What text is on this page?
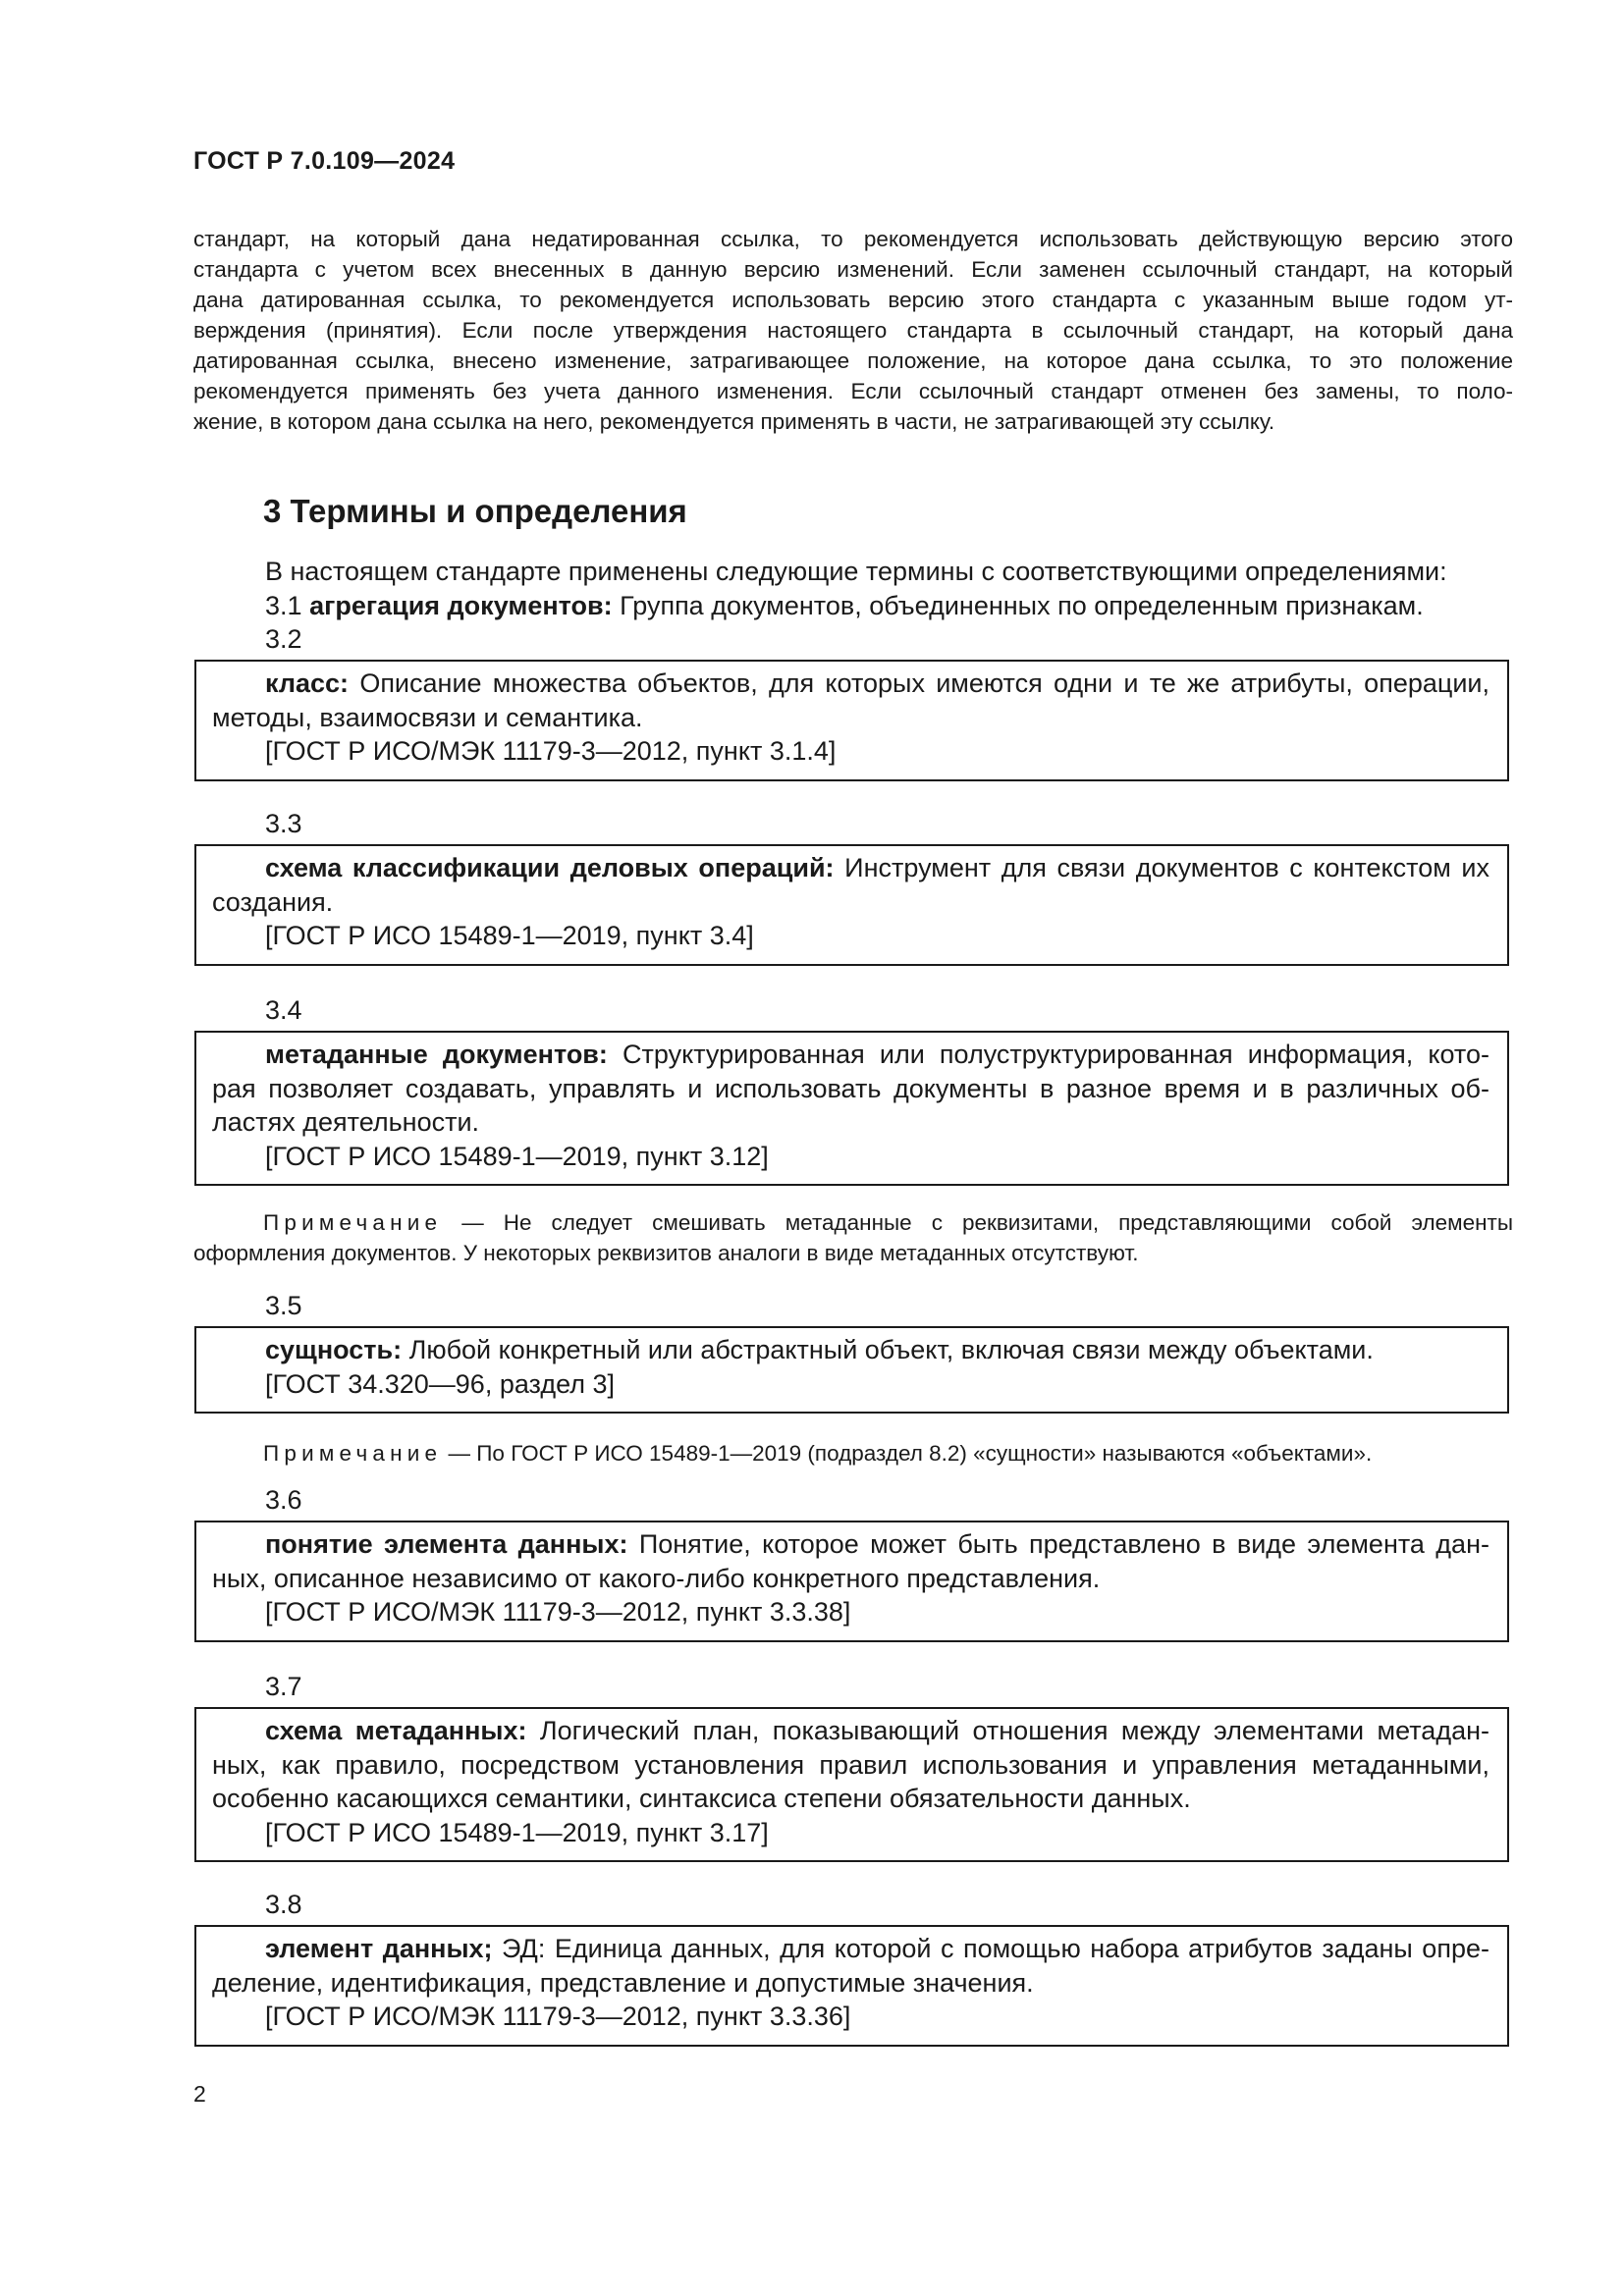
ГОСТ Р 7.0.109—2024
стандарт, на который дана недатированная ссылка, то рекомендуется использовать действующую версию этого
стандарта с учетом всех внесенных в данную версию изменений. Если заменен ссылочный стандарт, на который
дана датированная ссылка, то рекомендуется использовать версию этого стандарта с указанным выше годом ут-
верждения (принятия). Если после утверждения настоящего стандарта в ссылочный стандарт, на который дана
датированная ссылка, внесено изменение, затрагивающее положение, на которое дана ссылка, то это положение
рекомендуется применять без учета данного изменения. Если ссылочный стандарт отменен без замены, то поло-
жение, в котором дана ссылка на него, рекомендуется применять в части, не затрагивающей эту ссылку.
3 Термины и определения
В настоящем стандарте применены следующие термины с соответствующими определениями:
3.1 агрегация документов: Группа документов, объединенных по определенным признакам.
3.2
класс: Описание множества объектов, для которых имеются одни и те же атрибуты, операции,
методы, взаимосвязи и семантика.
[ГОСТ Р ИСО/МЭК 11179-3—2012, пункт 3.1.4]
3.3
схема классификации деловых операций: Инструмент для связи документов с контекстом их
создания.
[ГОСТ Р ИСО 15489-1—2019, пункт 3.4]
3.4
метаданные документов: Структурированная или полуструктурированная информация, кото-
рая позволяет создавать, управлять и использовать документы в разное время и в различных об-
ластях деятельности.
[ГОСТ Р ИСО 15489-1—2019, пункт 3.12]
Примечание — Не следует смешивать метаданные с реквизитами, представляющими собой элементы
оформления документов. У некоторых реквизитов аналоги в виде метаданных отсутствуют.
3.5
сущность: Любой конкретный или абстрактный объект, включая связи между объектами.
[ГОСТ 34.320—96, раздел 3]
Примечание — По ГОСТ Р ИСО 15489-1—2019 (подраздел 8.2) «сущности» называются «объектами».
3.6
понятие элемента данных: Понятие, которое может быть представлено в виде элемента дан-
ных, описанное независимо от какого-либо конкретного представления.
[ГОСТ Р ИСО/МЭК 11179-3—2012, пункт 3.3.38]
3.7
схема метаданных: Логический план, показывающий отношения между элементами метадан-
ных, как правило, посредством установления правил использования и управления метаданными,
особенно касающихся семантики, синтаксиса степени обязательности данных.
[ГОСТ Р ИСО 15489-1—2019, пункт 3.17]
3.8
элемент данных; ЭД: Единица данных, для которой с помощью набора атрибутов заданы опре-
деление, идентификация, представление и допустимые значения.
[ГОСТ Р ИСО/МЭК 11179-3—2012, пункт 3.3.36]
2
